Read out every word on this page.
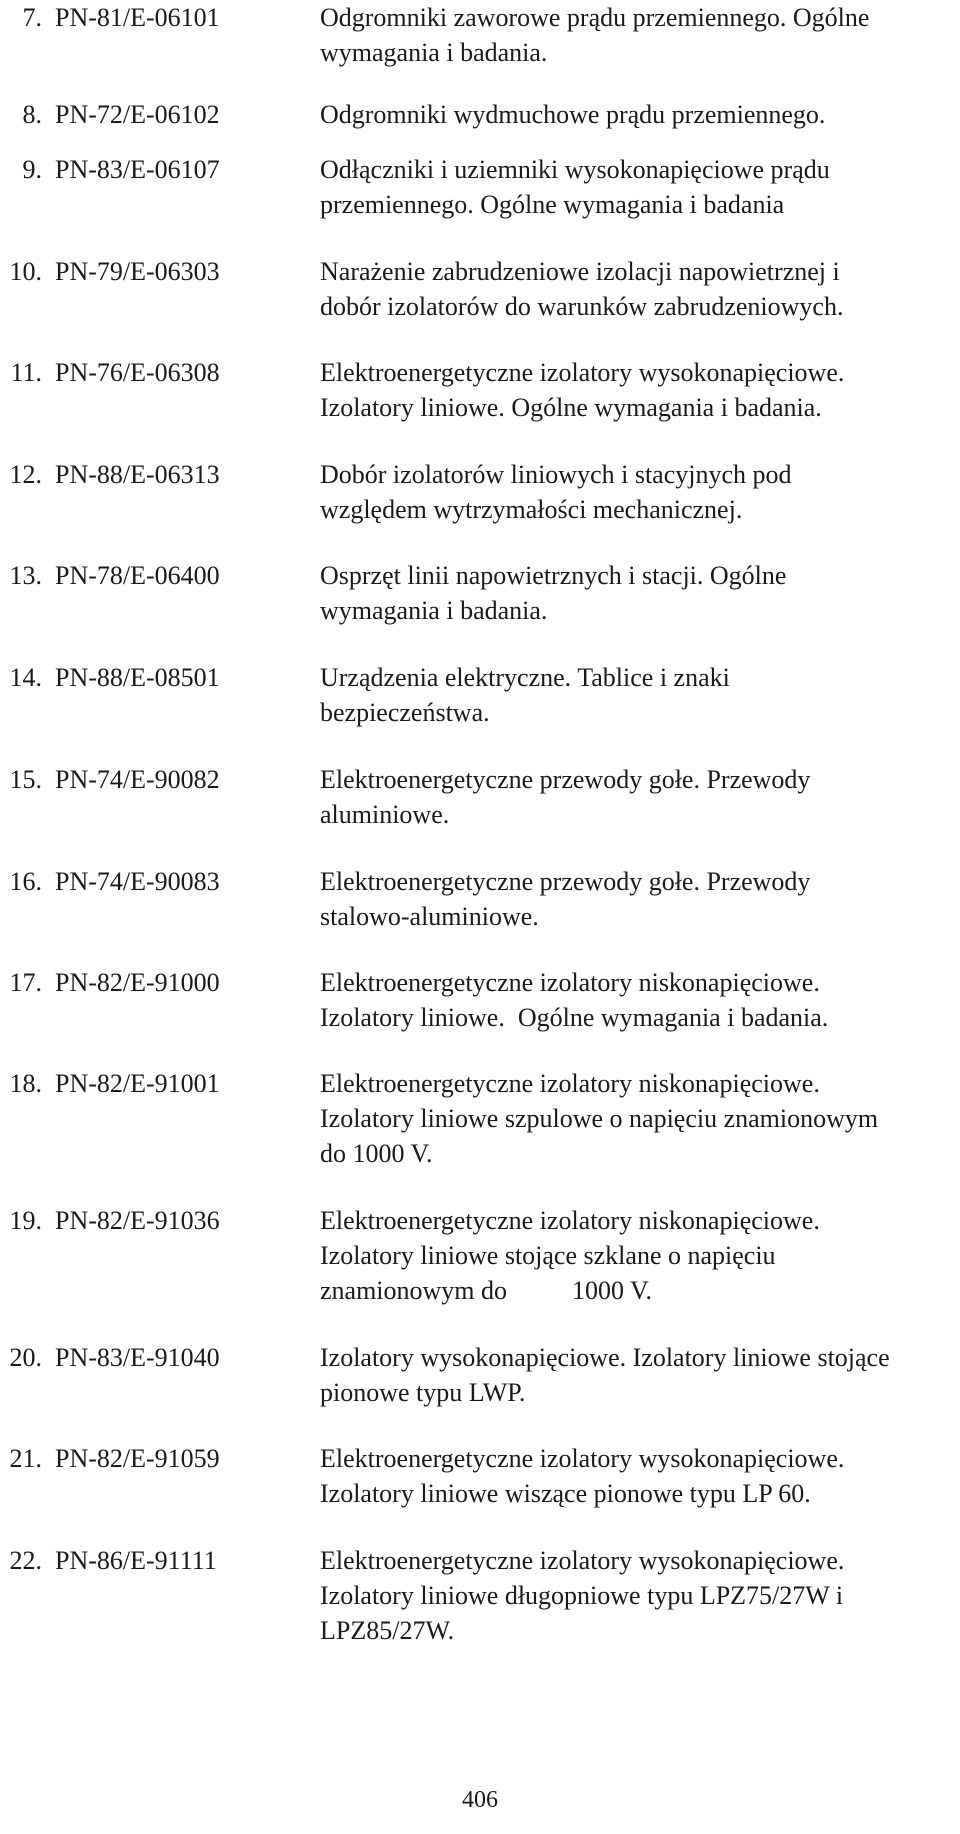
7. PN-81/E-06101	Odgromniki zaworowe prądu przemiennego. Ogólne
wymagania i badania.
8. PN-72/E-06102	Odgromniki wydmuchowe prądu przemiennego.
9. PN-83/E-06107	Odłączniki i uziemniki wysokonapięciowe prądu
przemiennego. Ogólne wymagania i badania
10. PN-79/E-06303	Narażenie zabrudzeniowe izolacji napowietrznej i
dobór izolatorów do warunków zabrudzeniowych.
11. PN-76/E-06308	Elektroenergetyczne izolatory wysokonapięciowe.
Izolatory liniowe. Ogólne wymagania i badania.
12. PN-88/E-06313	Dobór izolatorów liniowych i stacyjnych pod
względem wytrzymałości mechanicznej.
13. PN-78/E-06400	Osprzęt linii napowietrznych i stacji. Ogólne
wymagania i badania.
14. PN-88/E-08501	Urządzenia elektryczne. Tablice i znaki
bezpieczeństwa.
15. PN-74/E-90082	Elektroenergetyczne przewody gołe. Przewody
aluminiowe.
16. PN-74/E-90083	Elektroenergetyczne przewody gołe. Przewody
stalowo-aluminiowe.
17. PN-82/E-91000	Elektroenergetyczne izolatory niskonapięciowe.
Izolatory liniowe.  Ogólne wymagania i badania.
18. PN-82/E-91001	Elektroenergetyczne izolatory niskonapięciowe.
Izolatory liniowe szpulowe o napięciu znamionowym
do 1000 V.
19. PN-82/E-91036	Elektroenergetyczne izolatory niskonapięciowe.
Izolatory liniowe stojące szklane o napięciu
znamionowym do          1000 V.
20. PN-83/E-91040	Izolatory wysokonapięciowe. Izolatory liniowe stojące
pionowe typu LWP.
21. PN-82/E-91059	Elektroenergetyczne izolatory wysokonapięciowe.
Izolatory liniowe wiszące pionowe typu LP 60.
22. PN-86/E-91111	Elektroenergetyczne izolatory wysokonapięciowe.
Izolatory liniowe długopniowe typu LPZ75/27W i
LPZ85/27W.
406
